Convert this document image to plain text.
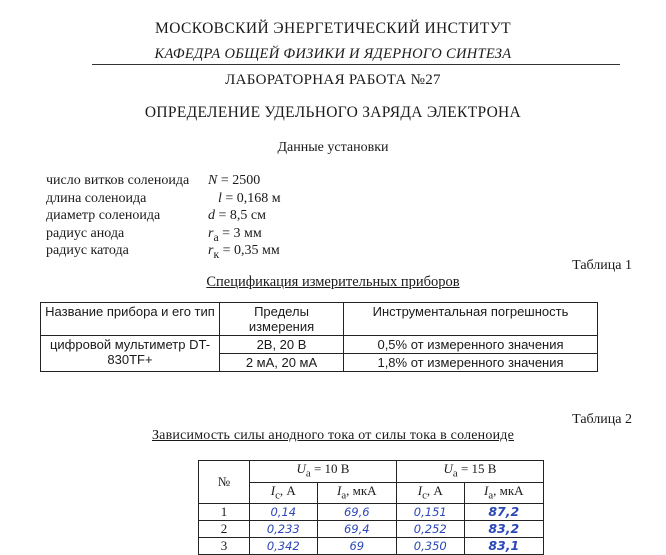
МОСКОВСКИЙ ЭНЕРГЕТИЧЕСКИЙ ИНСТИТУТ
КАФЕДРА ОБЩЕЙ ФИЗИКИ И ЯДЕРНОГО СИНТЕЗА
ЛАБОРАТОРНАЯ РАБОТА №27
ОПРЕДЕЛЕНИЕ УДЕЛЬНОГО ЗАРЯДА ЭЛЕКТРОНА
Данные установки
число витков соленоида N = 2500
длина соленоида	l = 0,168 м
диаметр соленоида	d = 8,5 см
радиус анода	$r_a = 3$ мм
радиус катода	$r_к = 0,35$ мм
Таблица 1
Спецификация измерительных приборов
Название прибора и его тип	Пределы измерения	Инструментальная погрешность
цифровой мультиметр DT-830TF+	2В, 20 В	0,5% от измеренного значения
	2 мА, 20 мА	1,8% от измеренного значения
Таблица 2
Зависимость силы анодного тока от силы тока в соленоиде
№	$U_a = 10$ В		$U_a = 15$ В	
	$I_c$, А	$I_a$, мкА	$I_c$, А	$I_a$, мкА
1	0,14	69,6	0,151	87,2
2	0,233	69,4	0,252	83,2
3	0,342	69	0,350	83,1
